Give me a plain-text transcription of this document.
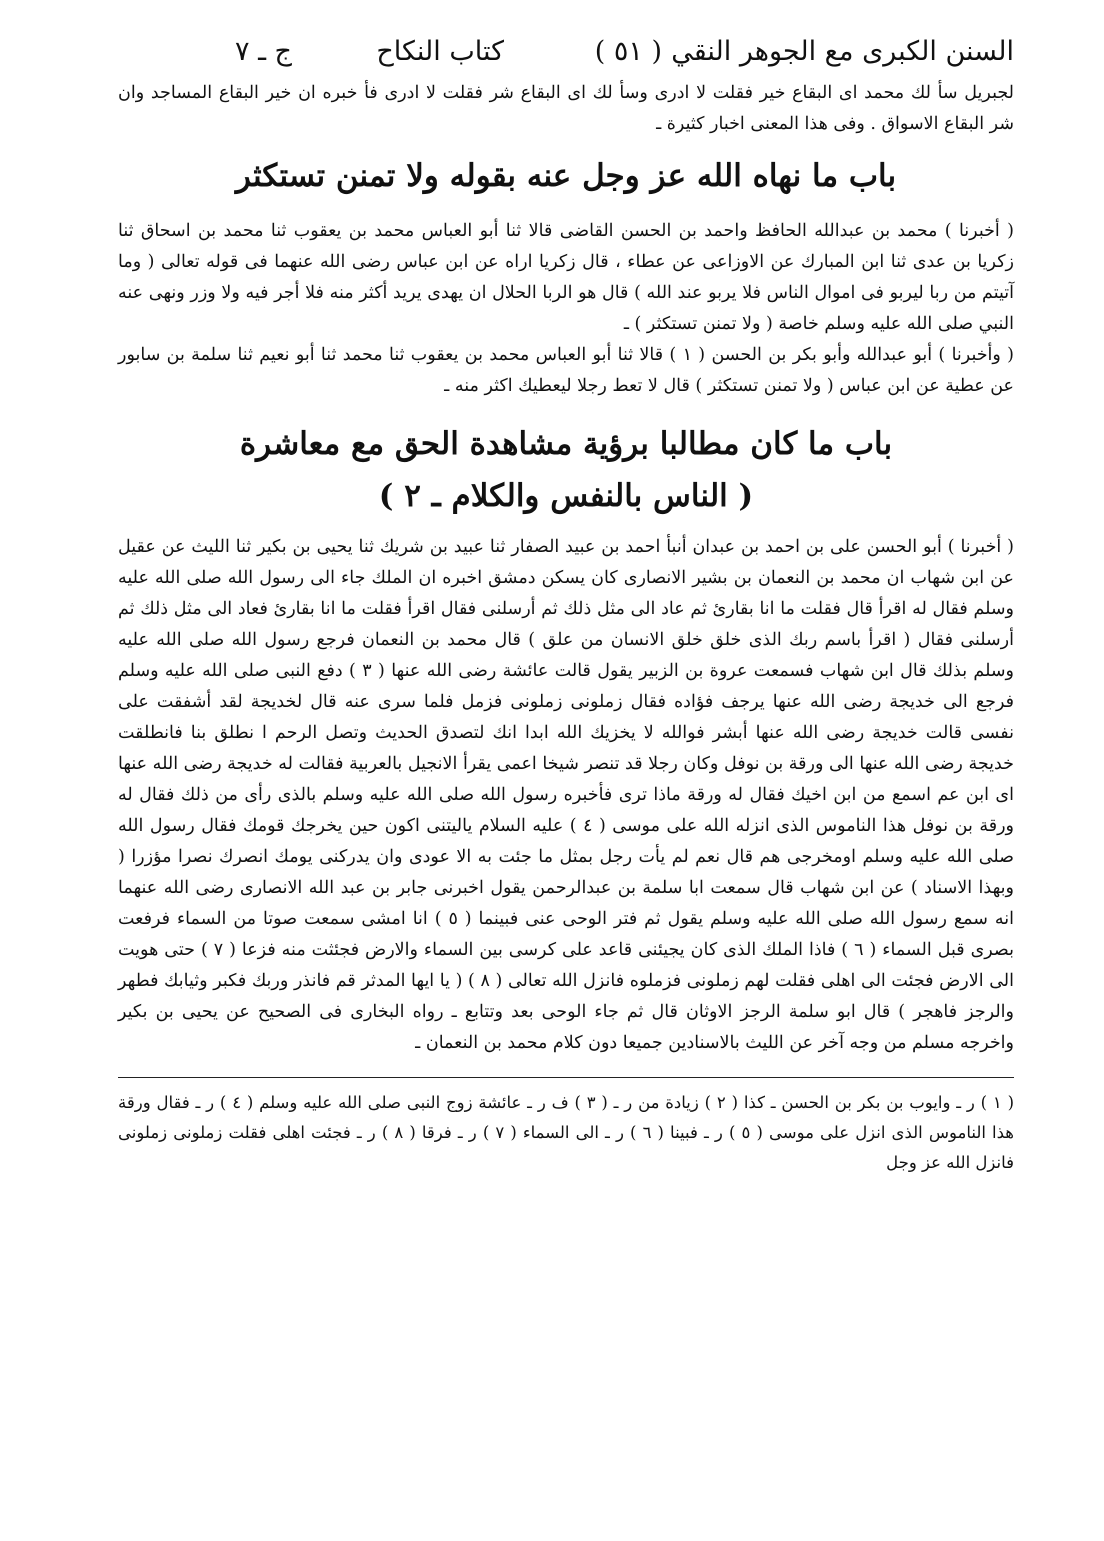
السنن الكبرى مع الجوهر النقي
( ٥١ )
كتاب النكاح
ج ـ ٧

لجبريل سأ لك محمد اى البقاع خير فقلت لا ادرى وسأ لك اى البقاع شر فقلت لا ادرى فأ خبره ان خير البقاع المساجد وان شر البقاع الاسواق . وفى هذا المعنى اخبار كثيرة ـ

باب ما نهاه الله عز وجل عنه بقوله ولا تمنن تستكثر

( أخبرنا ) محمد بن عبدالله الحافظ واحمد بن الحسن القاضى قالا ثنا أبو العباس محمد بن يعقوب ثنا محمد بن اسحاق ثنا زكريا بن عدى ثنا ابن المبارك عن الاوزاعى عن عطاء ، قال زكريا اراه عن ابن عباس رضى الله عنهما فى قوله تعالى ( وما آتيتم من ربا ليربو فى اموال الناس فلا يربو عند الله ) قال هو الربا الحلال ان يهدى يريد أكثر منه فلا أجر فيه ولا وزر ونهى عنه النبي صلى الله عليه وسلم خاصة ( ولا تمنن تستكثر ) ـ

( وأخبرنا ) أبو عبدالله وأبو بكر بن الحسن ( ١ ) قالا ثنا أبو العباس محمد بن يعقوب ثنا محمد ثنا أبو نعيم ثنا سلمة بن سابور عن عطية عن ابن عباس ( ولا تمنن تستكثر ) قال لا تعط رجلا ليعطيك اكثر منه ـ

باب ما كان مطالبا برؤية مشاهدة الحق مع معاشرة
( الناس بالنفس والكلام ـ ٢ )

( أخبرنا ) أبو الحسن على بن احمد بن عبدان أنبأ احمد بن عبيد الصفار ثنا عبيد بن شريك ثنا يحيى بن بكير ثنا الليث عن عقيل عن ابن شهاب ان محمد بن النعمان بن بشير الانصارى كان يسكن دمشق اخبره ان الملك جاء الى رسول الله صلى الله عليه وسلم فقال له اقرأ قال فقلت ما انا بقارئ ثم عاد الى مثل ذلك ثم أرسلنى فقال اقرأ فقلت ما انا بقارئ فعاد الى مثل ذلك ثم أرسلنى فقال ( اقرأ باسم ربك الذى خلق خلق الانسان من علق ) قال محمد بن النعمان فرجع رسول الله صلى الله عليه وسلم بذلك قال ابن شهاب فسمعت عروة بن الزبير يقول قالت عائشة رضى الله عنها ( ٣ ) دفع النبى صلى الله عليه وسلم فرجع الى خديجة رضى الله عنها يرجف فؤاده فقال زملونى زملونى فزمل فلما سرى عنه قال لخديجة لقد أشفقت على نفسى قالت خديجة رضى الله عنها أبشر فوالله لا يخزيك الله ابدا انك لتصدق الحديث وتصل الرحم ا نطلق بنا فانطلقت خديجة رضى الله عنها الى ورقة بن نوفل وكان رجلا قد تنصر شيخا اعمى يقرأ الانجيل بالعربية فقالت له خديجة رضى الله عنها اى ابن عم اسمع من ابن اخيك فقال له ورقة ماذا ترى فأخبره رسول الله صلى الله عليه وسلم بالذى رأى من ذلك فقال له ورقة بن نوفل هذا الناموس الذى انزله الله على موسى ( ٤ ) عليه السلام ياليتنى اكون حين يخرجك قومك فقال رسول الله صلى الله عليه وسلم اومخرجى هم قال نعم لم يأت رجل بمثل ما جئت به الا عودى وان يدركنى يومك انصرك نصرا مؤزرا ( وبهذا الاسناد ) عن ابن شهاب قال سمعت ابا سلمة بن عبدالرحمن يقول اخبرنى جابر بن عبد الله الانصارى رضى الله عنهما انه سمع رسول الله صلى الله عليه وسلم يقول ثم فتر الوحى عنى فبينما ( ٥ ) انا امشى سمعت صوتا من السماء فرفعت بصرى قبل السماء ( ٦ ) فاذا الملك الذى كان يجيئنى قاعد على كرسى بين السماء والارض فجئثت منه فزعا ( ٧ ) حتى هويت الى الارض فجئت الى اهلى فقلت لهم زملونى فزملوه فانزل الله تعالى ( ٨ ) ( يا ايها المدثر قم فانذر وربك فكبر وثيابك فطهر والرجز فاهجر ) قال ابو سلمة الرجز الاوثان قال ثم جاء الوحى بعد وتتابع ـ رواه البخارى فى الصحيح عن يحيى بن بكير واخرجه مسلم من وجه آخر عن الليث بالاسنادين جميعا دون كلام محمد بن النعمان ـ

( ١ ) ر ـ وايوب بن بكر بن الحسن ـ كذا ( ٢ ) زيادة من ر ـ ( ٣ ) ف ر ـ عائشة زوج النبى صلى الله عليه وسلم ( ٤ ) ر ـ فقال ورقة هذا الناموس الذى انزل على موسى ( ٥ ) ر ـ فبينا ( ٦ ) ر ـ الى السماء ( ٧ ) ر ـ فرقا ( ٨ ) ر ـ فجئت اهلى فقلت زملونى زملونى فانزل الله عز وجل
